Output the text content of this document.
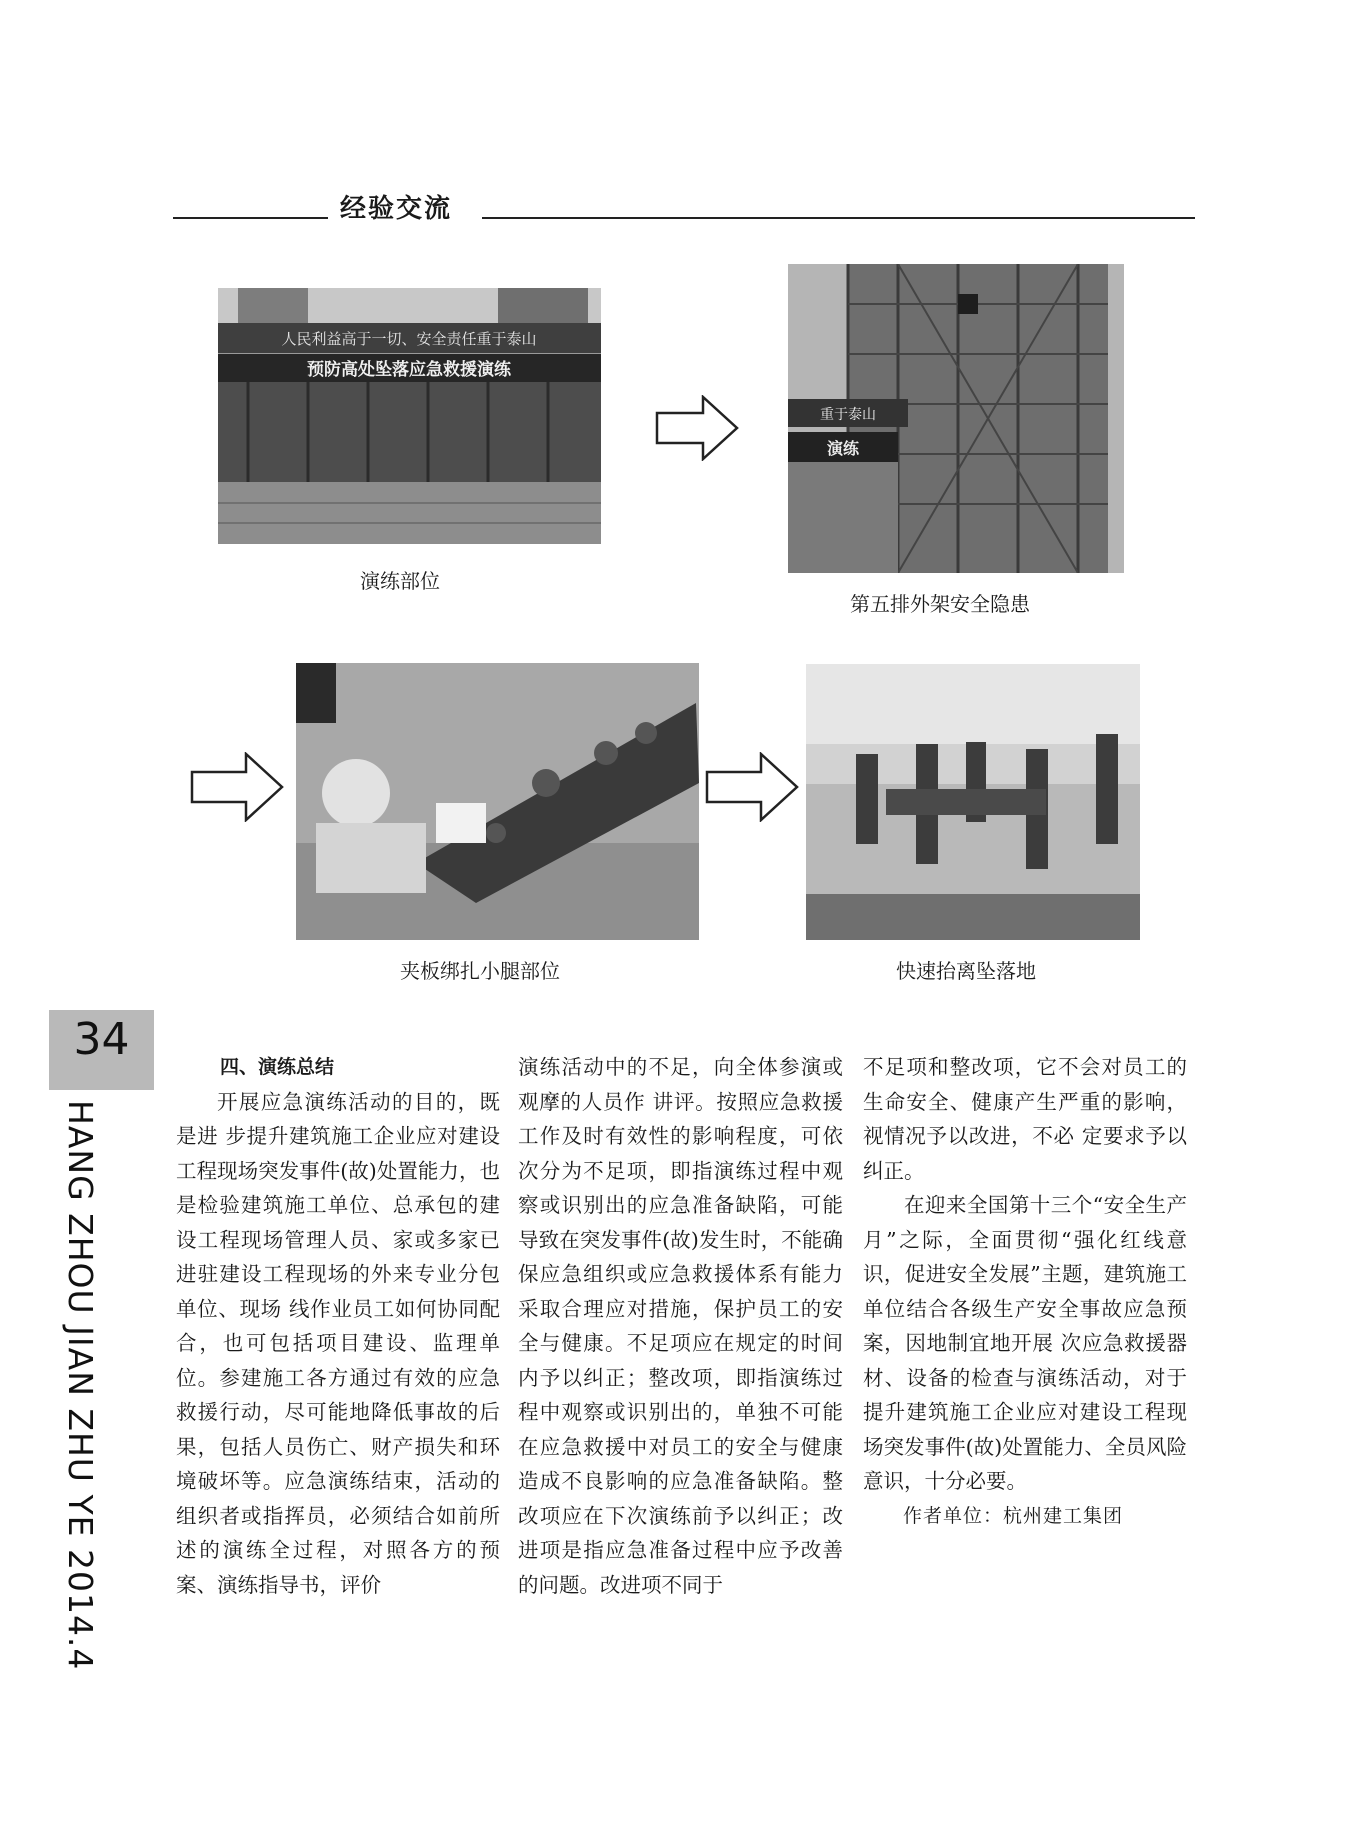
经验交流
人民利益高于一切、安全责任重于泰山
预防高处坠落应急救援演练
演练部位
重于泰山
演练
第五排外架安全隐患
夹板绑扎小腿部位	快速抬离坠落地
34
HANG ZHOU JIAN ZHU YE 2014.4

四、演练总结

开展应急演练活动的目的，既是进 步提升建筑施工企业应对建设工程现场突发事件(故)处置能力，也是检验建筑施工单位、总承包的建设工程现场管理人员、家或多家已进驻建设工程现场的外来专业分包单位、现场 线作业员工如何协同配合，也可包括项目建设、监理单位。参建施工各方通过有效的应急救援行动，尽可能地降低事故的后果，包括人员伤亡、财产损失和环境破坏等。应急演练结束，活动的组织者或指挥员，必须结合如前所述的演练全过程，对照各方的预案、演练指导书，评价

演练活动中的不足，向全体参演或观摩的人员作 讲评。按照应急救援工作及时有效性的影响程度，可依次分为不足项，即指演练过程中观察或识别出的应急准备缺陷，可能导致在突发事件(故)发生时，不能确保应急组织或应急救援体系有能力采取合理应对措施，保护员工的安全与健康。不足项应在规定的时间内予以纠正；整改项，即指演练过程中观察或识别出的，单独不可能在应急救援中对员工的安全与健康造成不良影响的应急准备缺陷。整改项应在下次演练前予以纠正；改进项是指应急准备过程中应予改善的问题。改进项不同于

不足项和整改项，它不会对员工的生命安全、健康产生严重的影响，视情况予以改进，不必 定要求予以纠正。

在迎来全国第十三个“安全生产月”之际，全面贯彻“强化红线意识，促进安全发展”主题，建筑施工单位结合各级生产安全事故应急预案，因地制宜地开展 次应急救援器材、设备的检查与演练活动，对于提升建筑施工企业应对建设工程现场突发事件(故)处置能力、全员风险意识，十分必要。

作者单位：杭州建工集团
